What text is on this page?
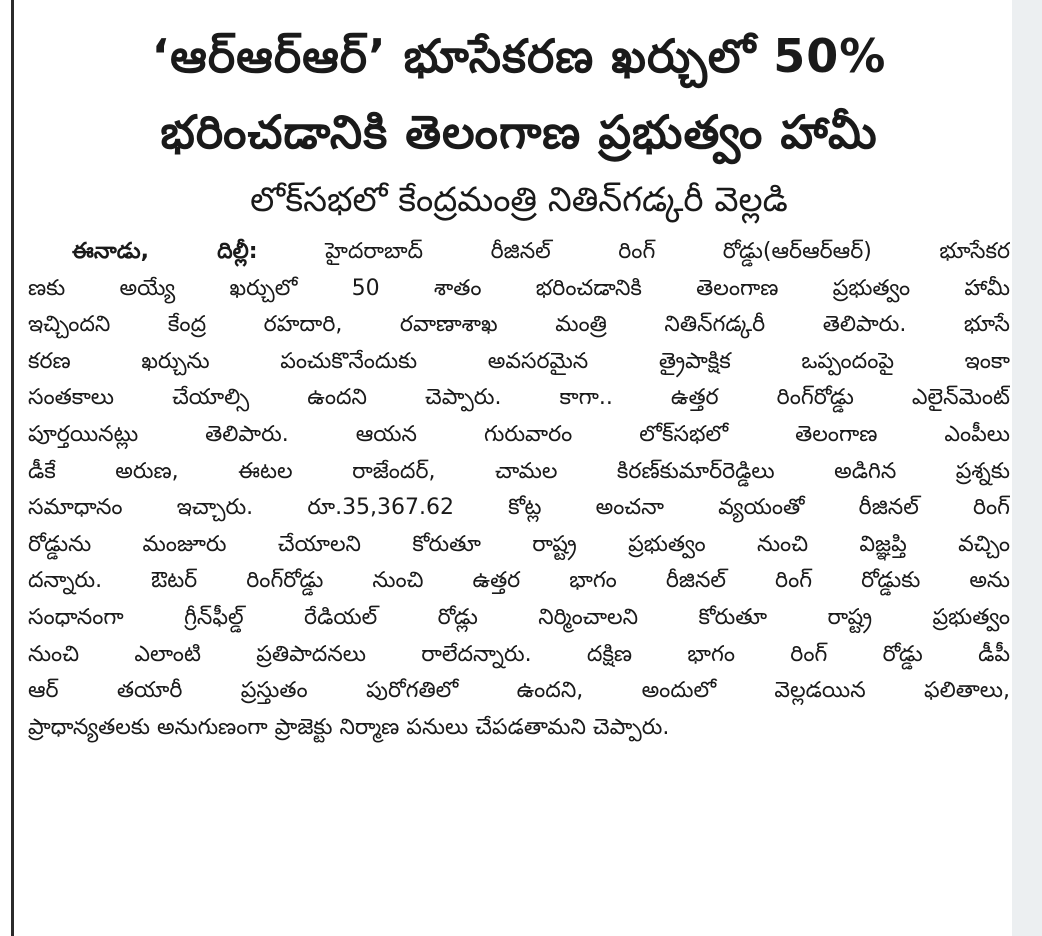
‘ఆర్‌ఆర్‌ఆర్‌’ భూసేకరణ ఖర్చులో 50%
భరించడానికి తెలంగాణ ప్రభుత్వం హామీ
లోక్‌సభలో కేంద్రమంత్రి నితిన్‌గడ్కరీ వెల్లడి
ఈనాడు, దిల్లీ:	హైదరాబాద్‌ రీజినల్‌ రింగ్‌ రోడ్డు(ఆర్‌ఆర్‌ఆర్‌) భూసేకర
ణకు అయ్యే ఖర్చులో 50 శాతం భరించడానికి తెలంగాణ ప్రభుత్వం హామీ
ఇచ్చిందని కేంద్ర రహదారి, రవాణాశాఖ మంత్రి నితిన్‌గడ్కరీ తెలిపారు. భూసే
కరణ ఖర్చును పంచుకొనేందుకు అవసరమైన త్రైపాక్షిక ఒప్పందంపై ఇంకా
సంతకాలు చేయాల్సి ఉందని చెప్పారు. కాగా.. ఉత్తర రింగ్‌రోడ్డు ఎలైన్‌మెంట్‌
పూర్తయినట్లు తెలిపారు. ఆయన గురువారం లోక్‌సభలో తెలంగాణ ఎంపీలు
డీకే అరుణ, ఈటల రాజేందర్‌, చామల కిరణ్‌కుమార్‌రెడ్డిలు అడిగిన ప్రశ్నకు
సమాధానం ఇచ్చారు. రూ.35,367.62 కోట్ల అంచనా వ్యయంతో రీజినల్‌ రింగ్‌
రోడ్డును మంజూరు చేయాలని కోరుతూ రాష్ట్ర ప్రభుత్వం నుంచి విజ్ఞప్తి వచ్చిం
దన్నారు. ఔటర్‌ రింగ్‌రోడ్డు నుంచి ఉత్తర భాగం రీజినల్‌ రింగ్‌ రోడ్డుకు అను
సంధానంగా గ్రీన్‌ఫీల్డ్‌ రేడియల్‌ రోడ్లు నిర్మించాలని కోరుతూ రాష్ట్ర ప్రభుత్వం
నుంచి ఎలాంటి ప్రతిపాదనలు రాలేదన్నారు. దక్షిణ భాగం రింగ్‌ రోడ్డు డీపీ
ఆర్‌ తయారీ ప్రస్తుతం పురోగతిలో ఉందని, అందులో వెల్లడయిన ఫలితాలు,
ప్రాధాన్యతలకు అనుగుణంగా ప్రాజెక్టు నిర్మాణ పనులు చేపడతామని చెప్పారు.
